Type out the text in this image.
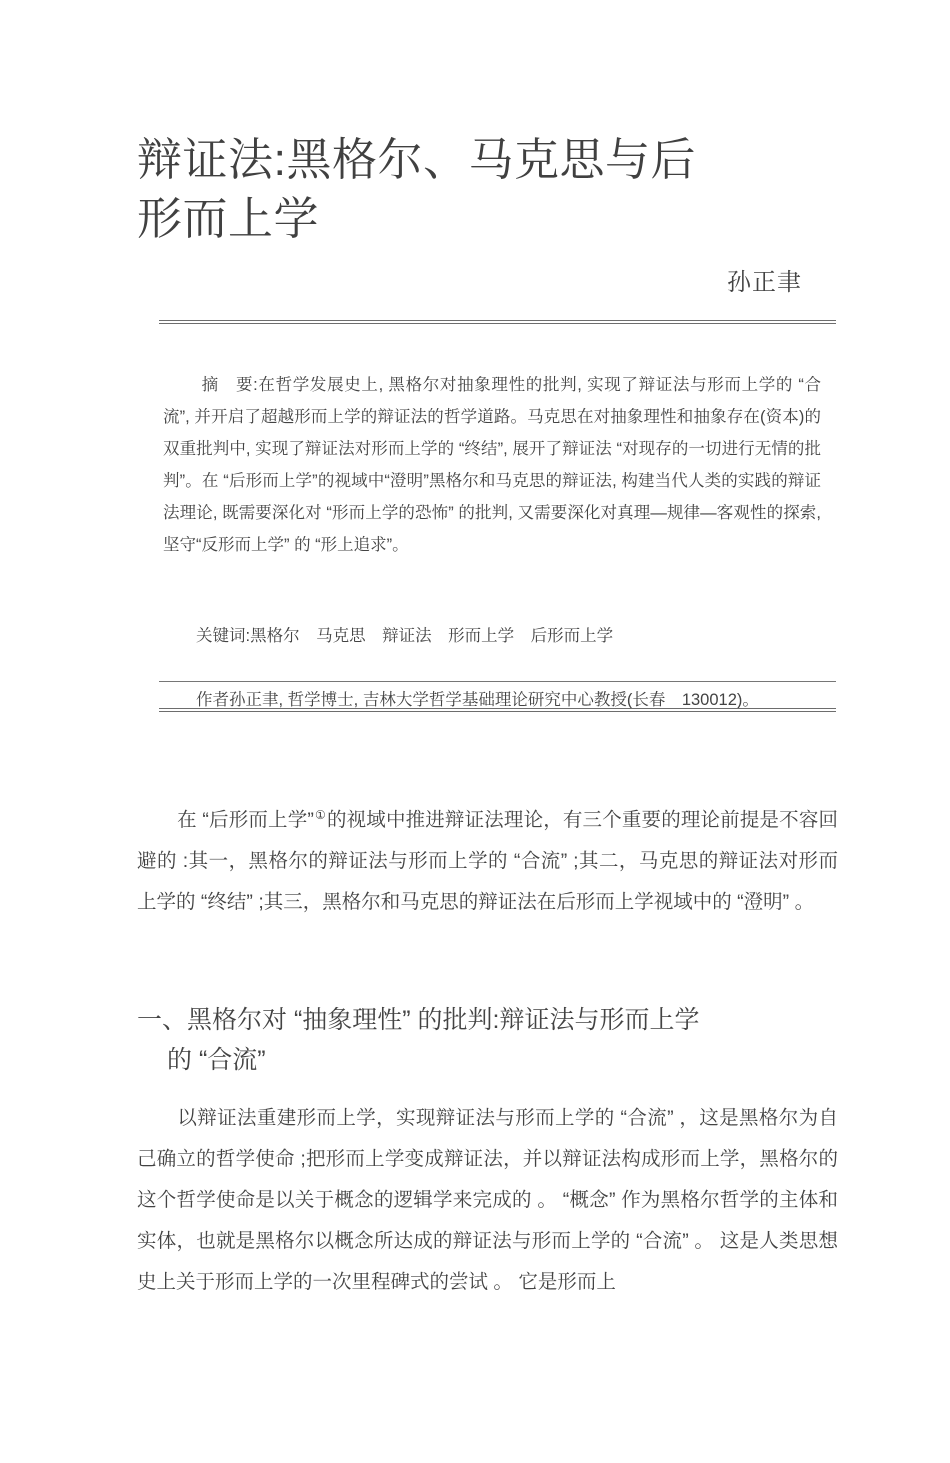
辩证法:黑格尔、马克思与后
形而上学
孙正聿

摘　要:在哲学发展史上, 黑格尔对抽象理性的批判, 实现了辩证法与形而上学的 “合流”, 并开启了超越形而上学的辩证法的哲学道路。马克思在对抽象理性和抽象存在(资本)的双重批判中, 实现了辩证法对形而上学的 “终结”, 展开了辩证法 “对现存的一切进行无情的批判”。在 “后形而上学”的视域中“澄明”黑格尔和马克思的辩证法, 构建当代人类的实践的辩证法理论, 既需要深化对 “形而上学的恐怖” 的批判, 又需要深化对真理—规律—客观性的探索, 坚守“反形而上学” 的 “形上追求”。

关键词:黑格尔　马克思　辩证法　形而上学　后形而上学
作者孙正聿, 哲学博士, 吉林大学哲学基础理论研究中心教授(长春　130012)。

在 “后形而上学”①的视域中推进辩证法理论，有三个重要的理论前提是不容回避的 :其一，黑格尔的辩证法与形而上学的 “合流” ;其二，马克思的辩证法对形而上学的 “终结” ;其三，黑格尔和马克思的辩证法在后形而上学视域中的 “澄明” 。

一、黑格尔对 “抽象理性” 的批判:辩证法与形而上学
的 “合流”

以辩证法重建形而上学，实现辩证法与形而上学的 “合流” ，这是黑格尔为自己确立的哲学使命 ;把形而上学变成辩证法，并以辩证法构成形而上学，黑格尔的这个哲学使命是以关于概念的逻辑学来完成的 。 “概念” 作为黑格尔哲学的主体和实体，也就是黑格尔以概念所达成的辩证法与形而上学的 “合流” 。 这是人类思想史上关于形而上学的一次里程碑式的尝试 。 它是形而上
